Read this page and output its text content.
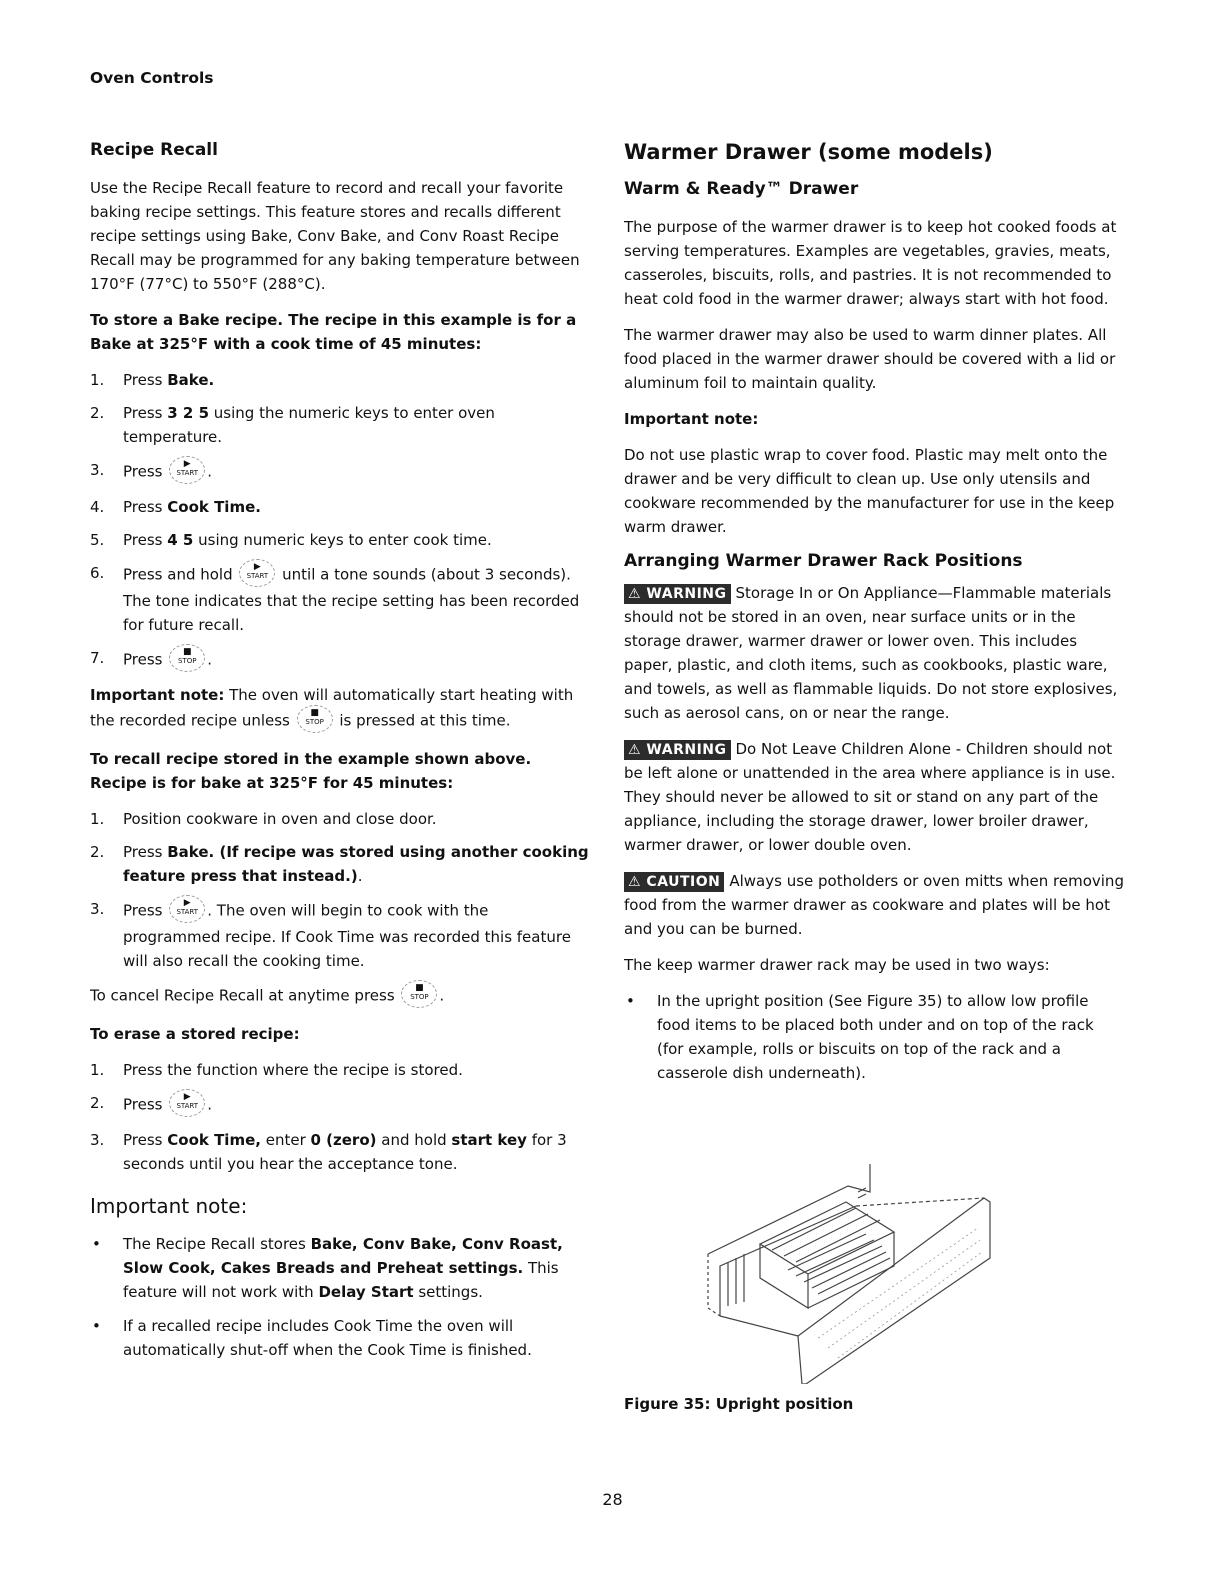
Oven Controls
Recipe Recall

Use the Recipe Recall feature to record and recall your favorite baking recipe settings. This feature stores and recalls different recipe settings using Bake, Conv Bake, and Conv Roast Recipe Recall may be programmed for any baking temperature between 170°F (77°C) to 550°F (288°C).

To store a Bake recipe. The recipe in this example is for a Bake at 325°F with a cook time of 45 minutes:

1. Press Bake.
2. Press 3 2 5 using the numeric keys to enter oven temperature.
3. Press	▶
START .
4. Press Cook Time.
5. Press 4 5 using numeric keys to enter cook time.
6. Press and hold	▶
START until a tone sounds (about 3 seconds). The tone indicates that the recipe setting has been recorded for future recall.
7. Press	■
STOP .

Important note: The oven will automatically start heating with the recorded recipe unless	■
STOP is pressed at this time.

To recall recipe stored in the example shown above. Recipe is for bake at 325°F for 45 minutes:

1. Position cookware in oven and close door.
2. Press Bake. (If recipe was stored using another cooking feature press that instead.).
3. Press	▶
START . The oven will begin to cook with the programmed recipe. If Cook Time was recorded this feature will also recall the cooking time.

To cancel Recipe Recall at anytime press	■
STOP .

To erase a stored recipe:

1. Press the function where the recipe is stored.
2. Press	▶
START .
3. Press Cook Time, enter 0 (zero) and hold start key for 3 seconds until you hear the acceptance tone.
Important note:
• The Recipe Recall stores Bake, Conv Bake, Conv Roast, Slow Cook, Cakes Breads and Preheat settings. This feature will not work with Delay Start settings.
• If a recalled recipe includes Cook Time the oven will automatically shut-off when the Cook Time is finished.
Warmer Drawer (some models)
Warm & Ready™ Drawer

The purpose of the warmer drawer is to keep hot cooked foods at serving temperatures. Examples are vegetables, gravies, meats, casseroles, biscuits, rolls, and pastries. It is not recommended to heat cold food in the warmer drawer; always start with hot food.

The warmer drawer may also be used to warm dinner plates. All food placed in the warmer drawer should be covered with a lid or aluminum foil to maintain quality.

Important note:

Do not use plastic wrap to cover food. Plastic may melt onto the drawer and be very difficult to clean up. Use only utensils and cookware recommended by the manufacturer for use in the keep warm drawer.

Arranging Warmer Drawer Rack Positions

⚠ WARNING Storage In or On Appliance—Flammable materials should not be stored in an oven, near surface units or in the storage drawer, warmer drawer or lower oven. This includes paper, plastic, and cloth items, such as cookbooks, plastic ware, and towels, as well as flammable liquids. Do not store explosives, such as aerosol cans, on or near the range.

⚠ WARNING Do Not Leave Children Alone - Children should not be left alone or unattended in the area where appliance is in use. They should never be allowed to sit or stand on any part of the appliance, including the storage drawer, lower broiler drawer, warmer drawer, or lower double oven.

⚠ CAUTION Always use potholders or oven mitts when removing food from the warmer drawer as cookware and plates will be hot and you can be burned.

The keep warmer drawer rack may be used in two ways:

• In the upright position (See Figure 35) to allow low profile food items to be placed both under and on top of the rack (for example, rolls or biscuits on top of the rack and a casserole dish underneath).
Figure 35: Upright position
28
